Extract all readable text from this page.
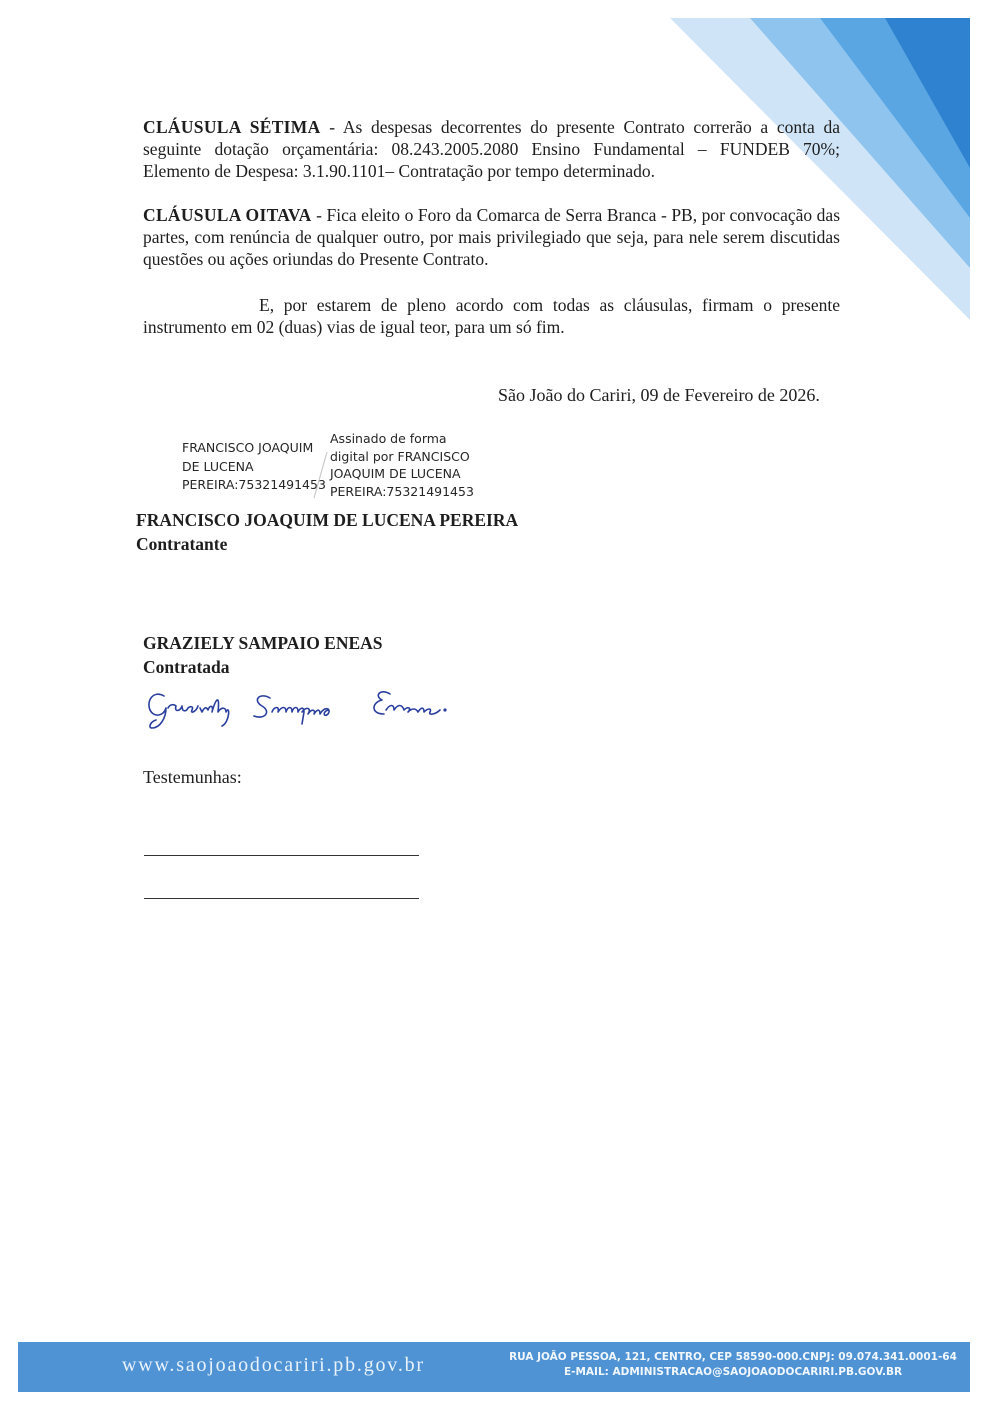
CLÁUSULA SÉTIMA - As despesas decorrentes do presente Contrato correrão a conta da seguinte dotação orçamentária: 08.243.2005.2080 Ensino Fundamental – FUNDEB 70%; Elemento de Despesa: 3.1.90.1101– Contratação por tempo determinado.
CLÁUSULA OITAVA - Fica eleito o Foro da Comarca de Serra Branca - PB, por convocação das partes, com renúncia de qualquer outro, por mais privilegiado que seja, para nele serem discutidas questões ou ações oriundas do Presente Contrato.
E, por estarem de pleno acordo com todas as cláusulas, firmam o presente instrumento em 02 (duas) vias de igual teor, para um só fim.
São João do Cariri, 09 de Fevereiro de 2026.
FRANCISCO JOAQUIM
DE LUCENA
PEREIRA:75321491453
Assinado de forma
digital por FRANCISCO
JOAQUIM DE LUCENA
PEREIRA:75321491453
FRANCISCO JOAQUIM DE LUCENA PEREIRA
Contratante
GRAZIELY SAMPAIO ENEAS
Contratada
Testemunhas:
www.saojoaodocariri.pb.gov.br	RUA JOÃO PESSOA, 121, CENTRO, CEP 58590-000.CNPJ: 09.074.341.0001-64
E-MAIL: ADMINISTRACAO@SAOJOAODOCARIRI.PB.GOV.BR
